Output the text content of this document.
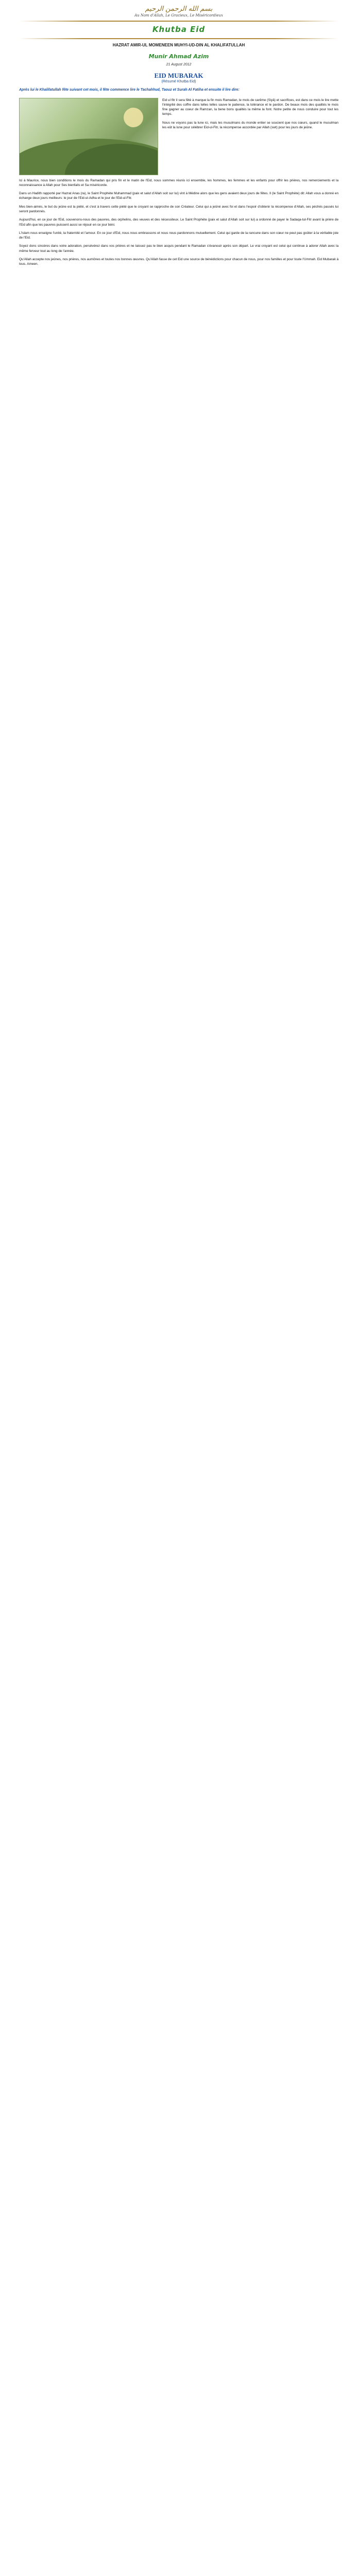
بسم الله الرحمن الرحيم
Au Nom d'Allah, Le Gracieux, Le Miséricordieux
Khutba Eid
HAZRAT AMIR-UL MOMENEEN MUHYI-UD-DIN AL KHALIFATULLAH
Munir Ahmad Azim
21 August 2012
EID MUBARAK
(Résumé Khutba Eid)
Après lui le Khalifatullah fête suivant cet mois, il fête commence lire le Tachahhud, Taouz et Surah Al Fatiha et ensuite il lire dire:

Eid ul fitr il sera fêté à marque la fin mois Ramadan, le mois de carême (Siyâ) et sacrifices, est dans ce mois le lire mette l'intégrité des coffre dans telles telles sauve le patience, la tolérance et le pardon. De beaux mois des qualités le mois fine gagner au coeur de Ramzan, la bene bons qualités la même la font. Notre petite de nous conduire pour tout les temps.

Nous ne voyons pas la lune ici, mais les musulmans du monde entier se soucient que nos cœurs, quand le musulman les eût la lune pour célébrer Eid-ul-Fitr, la récompense accordée par Allah (swt) pour les jours de jeûne.

Ici à Maurice, nous bien conditions le mois du Ramadan qui pris fin et le matin de l'Eid, nous sommes réunis ici ensemble, les hommes, les femmes et les enfants pour offrir les prières, nos remerciements et la reconnaissance à Allah pour Ses bienfaits et Sa miséricorde.

Dans un Hadith rapporté par Hazrat Anas (ra), le Saint Prophète Muhammad (paix et salut d'Allah soit sur lui) vint à Médine alors que les gens avaient deux jours de fêtes. Il (le Saint Prophète) dit: Allah vous a donné en échange deux jours meilleurs: le jour de l'Eid-ul-Adha et le jour de l'Eid-ul-Fitr.

Mes bien-aimés, le but du jeûne est la piété, et c'est à travers cette piété que le croyant se rapproche de son Créateur. Celui qui a jeûné avec foi et dans l'espoir d'obtenir la récompense d'Allah, ses péchés passés lui seront pardonnés.

Aujourd'hui, en ce jour de l'Eid, souvenons-nous des pauvres, des orphelins, des veuves et des nécessiteux. Le Saint Prophète (paix et salut d'Allah soit sur lui) a ordonné de payer le Sadaqa-tul-Fitr avant la prière de l'Eid afin que les pauvres puissent aussi se réjouir en ce jour béni.

L'Islam nous enseigne l'unité, la fraternité et l'amour. En ce jour d'Eid, nous nous embrassons et nous nous pardonnons mutuellement. Celui qui garde de la rancune dans son cœur ne peut pas goûter à la véritable joie de l'Eid.

Soyez donc sincères dans votre adoration, persévérez dans vos prières et ne laissez pas le bien acquis pendant le Ramadan s'évanouir après son départ. Le vrai croyant est celui qui continue à adorer Allah avec la même ferveur tout au long de l'année.

Qu'Allah accepte nos jeûnes, nos prières, nos aumônes et toutes nos bonnes œuvres. Qu'Allah fasse de cet Eid une source de bénédictions pour chacun de nous, pour nos familles et pour toute l'Ummah. Eid Mubarak à tous. Ameen.
